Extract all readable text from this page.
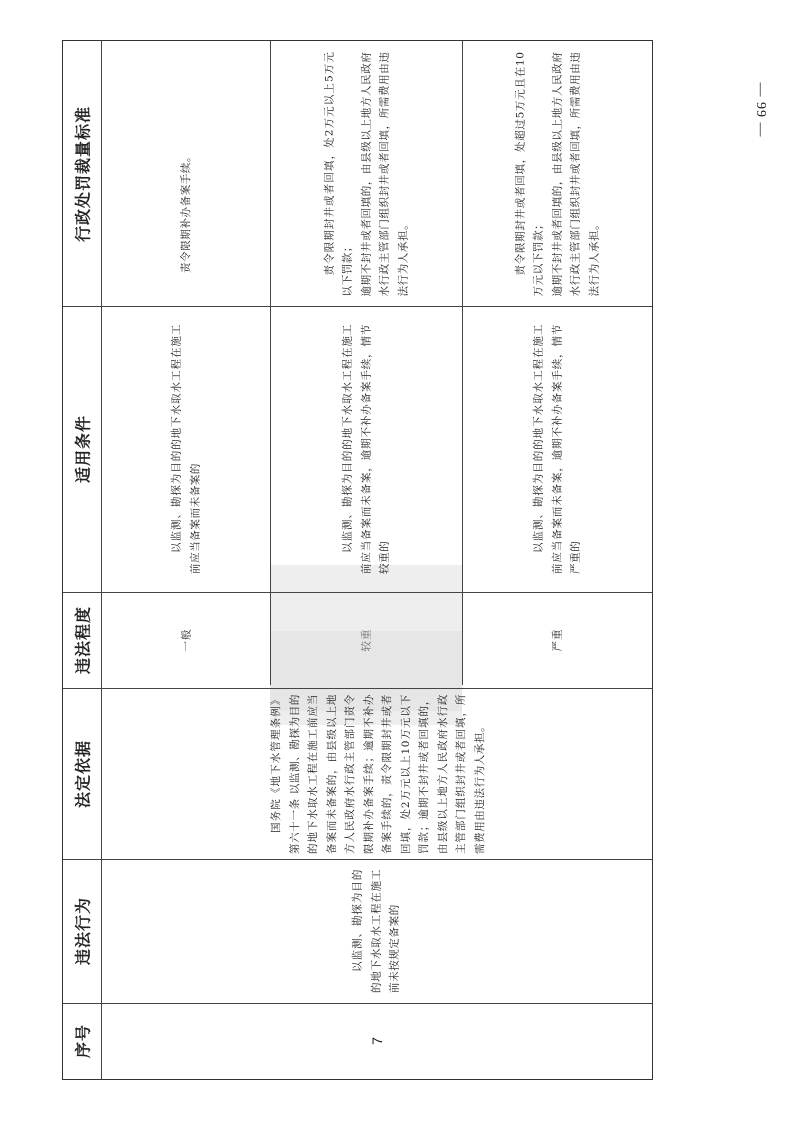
— 99 —
序号
违法行为
法定依据
违法程度
适用条件
行政处罚裁量标准
7

以监测、勘探为目的的地下水取水工程在施工前未按规定备案的

国务院《地下水管理条例》第六十一条 以监测、勘探为目的的地下水取水工程在施工前应当备案而未备案的，由县级以上地方人民政府水行政主管部门责令限期补办备案手续；逾期不补办备案手续的，责令限期封井或者回填，处2万元以上10万元以下罚款；逾期不封井或者回填的，由县级以上地方人民政府水行政主管部门组织封井或者回填，所需费用由违法行为人承担。

一般

以监测、勘探为目的的地下水取水工程在施工前应当备案而未备案的

责令限期补办备案手续。

较重

以监测、勘探为目的的地下水取水工程在施工前应当备案而未备案，逾期不补办备案手续，情节较重的

责令限期封井或者回填，处2万元以上5万元以下罚款；
逾期不封井或者回填的，由县级以上地方人民政府水行政主管部门组织封井或者回填，所需费用由违法行为人承担。

严重

以监测、勘探为目的的地下水取水工程在施工前应当备案而未备案，逾期不补办备案手续，情节严重的

责令限期封井或者回填，处超过5万元且在10万元以下罚款；
逾期不封井或者回填的，由县级以上地方人民政府水行政主管部门组织封井或者回填，所需费用由违法行为人承担。
